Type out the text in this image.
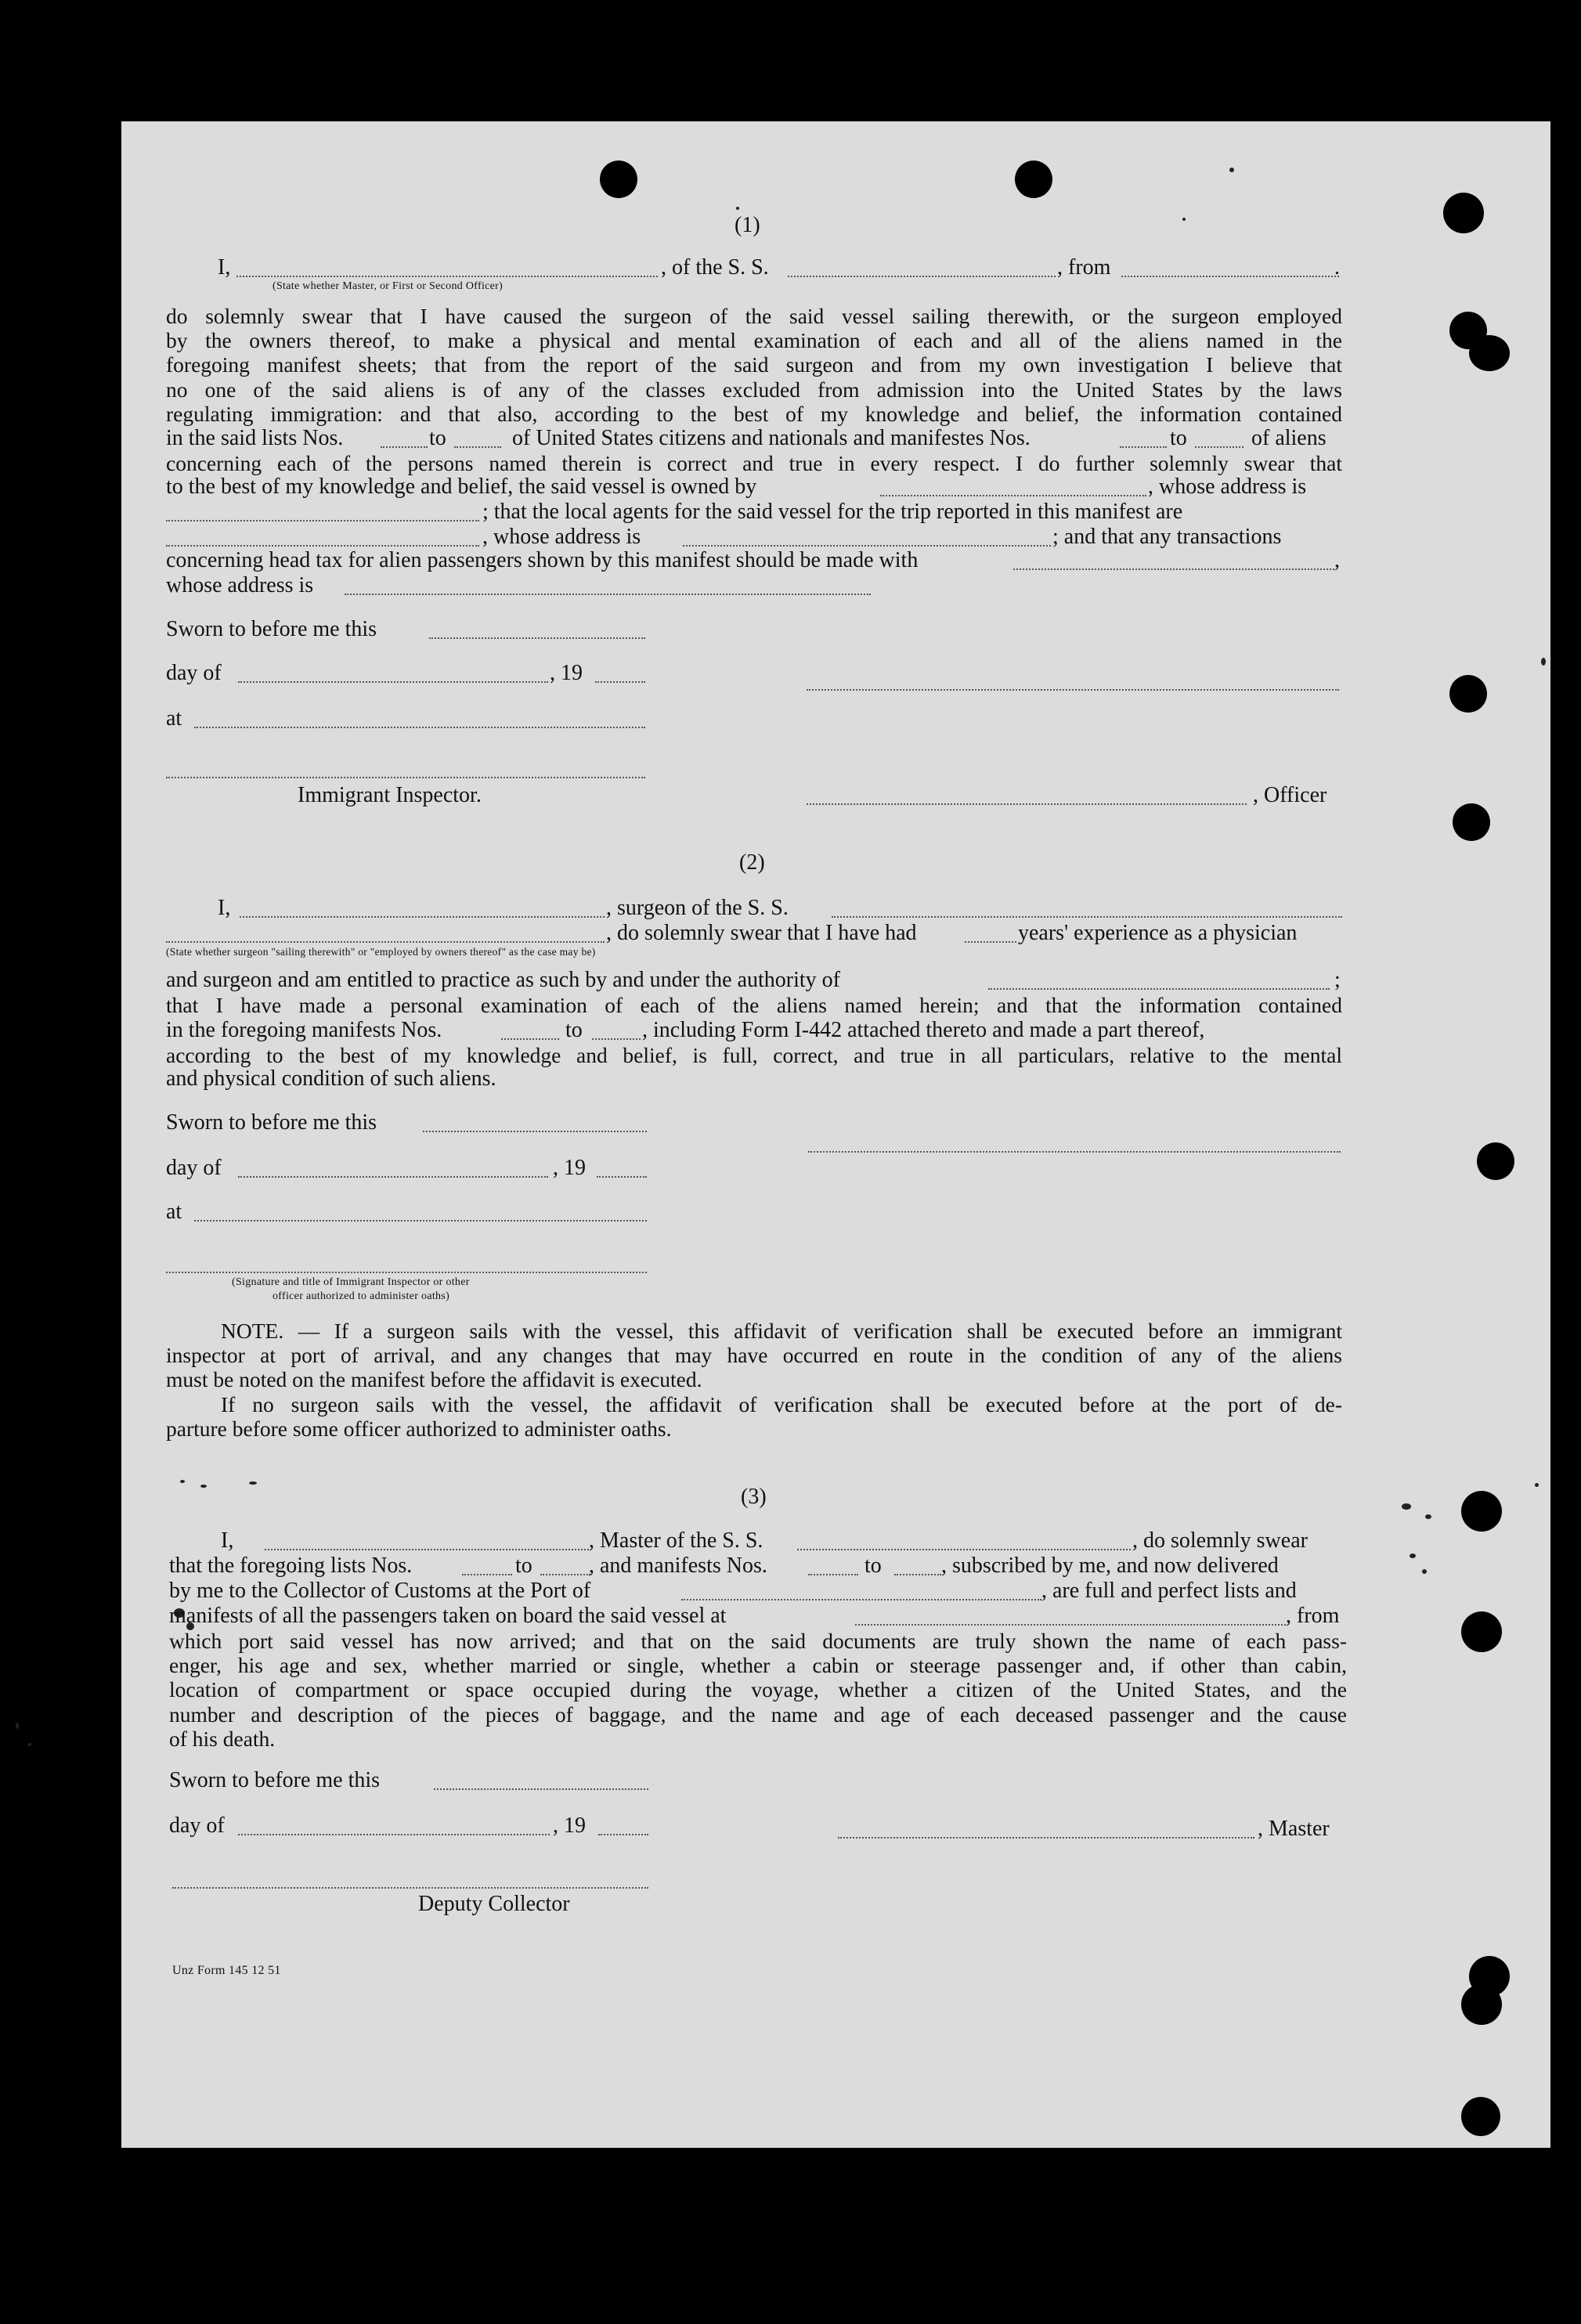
(1)
I,
(State whether Master, or First or Second Officer)
, of the S. S.	, from	.
do solemnly swear that I have caused the surgeon of the said vessel sailing therewith, or the surgeon employed
by the owners thereof, to make a physical and mental examination of each and all of the aliens named in the
foregoing manifest sheets; that from the report of the said surgeon and from my own investigation I believe that
no one of the said aliens is of any of the classes excluded from admission into the United States by the laws
regulating immigration: and that also, according to the best of my knowledge and belief, the information contained
in the said lists Nos.	to	of United States citizens and nationals and manifestes Nos.	to	of aliens
concerning each of the persons named therein is correct and true in every respect. I do further solemnly swear that
to the best of my knowledge and belief, the said vessel is owned by	, whose address is
; that the local agents for the said vessel for the trip reported in this manifest are
, whose address is	; and that any transactions
concerning head tax for alien passengers shown by this manifest should be made with	,
whose address is
Sworn to before me this
day of	, 19
at
Immigrant Inspector.	, Officer
(2)
I,	, surgeon of the S. S.
, do solemnly swear that I have had	years' experience as a physician
(State whether surgeon "sailing therewith" or "employed by owners thereof" as the case may be)
and surgeon and am entitled to practice as such by and under the authority of	;
that I have made a personal examination of each of the aliens named herein; and that the information contained
in the foregoing manifests Nos.	to	, including Form I-442 attached thereto and made a part thereof,
according to the best of my knowledge and belief, is full, correct, and true in all particulars, relative to the mental
and physical condition of such aliens.
Sworn to before me this
day of	, 19
at
(Signature and title of Immigrant Inspector or other
officer authorized to administer oaths)
NOTE. — If a surgeon sails with the vessel, this affidavit of verification shall be executed before an immigrant
inspector at port of arrival, and any changes that may have occurred en route in the condition of any of the aliens
must be noted on the manifest before the affidavit is executed.
If no surgeon sails with the vessel, the affidavit of verification shall be executed before at the port of de-
parture before some officer authorized to administer oaths.
(3)
I,	, Master of the S. S.	, do solemnly swear
that the foregoing lists Nos.	to	, and manifests Nos.	to	, subscribed by me, and now delivered
by me to the Collector of Customs at the Port of	, are full and perfect lists and
manifests of all the passengers taken on board the said vessel at	, from
which port said vessel has now arrived; and that on the said documents are truly shown the name of each pass-
enger, his age and sex, whether married or single, whether a cabin or steerage passenger and, if other than cabin,
location of compartment or space occupied during the voyage, whether a citizen of the United States, and the
number and description of the pieces of baggage, and the name and age of each deceased passenger and the cause
of his death.
Sworn to before me this
day of	, 19	, Master
Deputy Collector
Unz Form 145 12 51
